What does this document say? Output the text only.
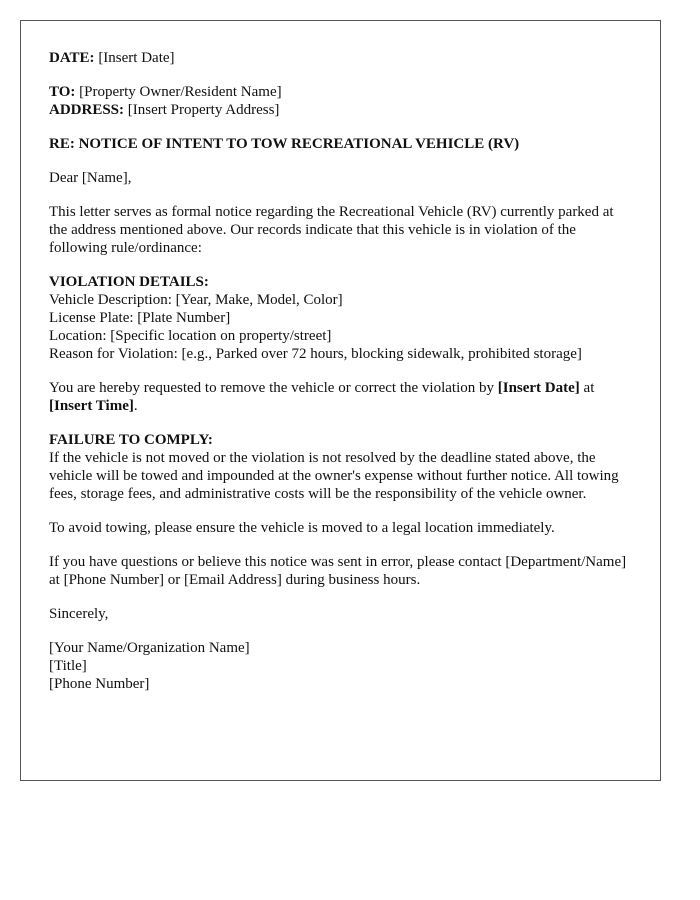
DATE: [Insert Date]

TO: [Property Owner/Resident Name]
ADDRESS: [Insert Property Address]

RE: NOTICE OF INTENT TO TOW RECREATIONAL VEHICLE (RV)

Dear [Name],

This letter serves as formal notice regarding the Recreational Vehicle (RV) currently parked at the address mentioned above. Our records indicate that this vehicle is in violation of the following rule/ordinance:

VIOLATION DETAILS:
Vehicle Description: [Year, Make, Model, Color]
License Plate: [Plate Number]
Location: [Specific location on property/street]
Reason for Violation: [e.g., Parked over 72 hours, blocking sidewalk, prohibited storage]

You are hereby requested to remove the vehicle or correct the violation by [Insert Date] at [Insert Time].

FAILURE TO COMPLY:
If the vehicle is not moved or the violation is not resolved by the deadline stated above, the vehicle will be towed and impounded at the owner's expense without further notice. All towing fees, storage fees, and administrative costs will be the responsibility of the vehicle owner.

To avoid towing, please ensure the vehicle is moved to a legal location immediately.

If you have questions or believe this notice was sent in error, please contact [Department/Name] at [Phone Number] or [Email Address] during business hours.

Sincerely,

[Your Name/Organization Name]
[Title]
[Phone Number]
